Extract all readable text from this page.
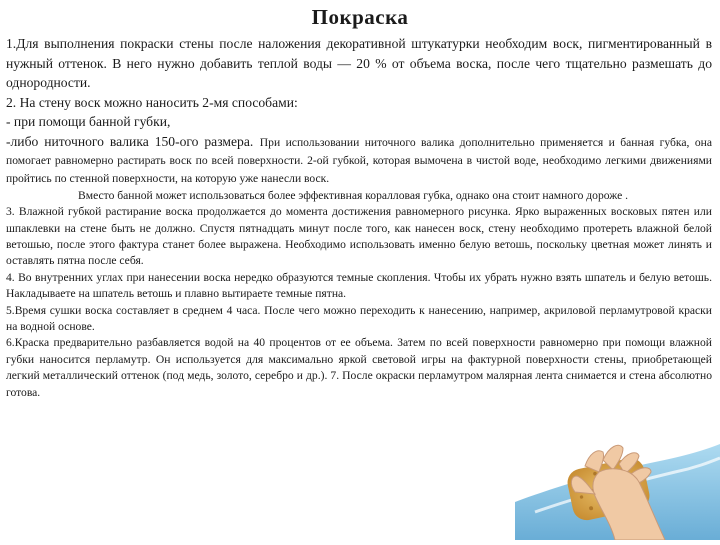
Покраска

1.Для выполнения покраски стены после наложения декоративной штукатурки необходим воск, пигментированный в нужный оттенок. В него нужно добавить теплой воды — 20 % от объема воска, после чего тщательно размешать до однородности.

2. На стену воск можно наносить 2-мя способами:

- при помощи банной губки,

-либо ниточного валика 150-ого размера. При использовании ниточного валика дополнительно применяется и банная губка, она помогает равномерно растирать воск по всей поверхности. 2-ой губкой, которая вымочена в чистой воде, необходимо легкими движениями пройтись по стенной поверхности, на которую уже нанесли воск.

Вместо банной может использоваться более эффективная коралловая губка, однако она стоит намного дороже .

3. Влажной губкой растирание воска продолжается до момента достижения равномерного рисунка. Ярко выраженных восковых пятен или шпаклевки на стене быть не должно. Спустя пятнадцать минут после того, как нанесен воск, стену необходимо протереть влажной белой ветошью, после этого фактура станет более выражена. Необходимо использовать именно белую ветошь, поскольку цветная может линять и оставлять пятна после себя.

4. Во внутренних углах при нанесении воска нередко образуются темные скопления. Чтобы их убрать нужно взять шпатель и белую ветошь. Накладываете на шпатель ветошь и плавно вытираете темные пятна.

5.Время сушки воска составляет в среднем 4 часа. После чего можно переходить к нанесению, например, акриловой перламутровой краски на водной основе.

6.Краска предварительно разбавляется водой на 40 процентов от ее объема. Затем по всей поверхности равномерно при помощи влажной губки наносится перламутр. Он используется для максимально яркой световой игры на фактурной поверхности стены, приобретающей легкий металлический оттенок (под медь, золото, серебро и др.). 7. После окраски перламутром малярная лента снимается и стена абсолютно готова.
